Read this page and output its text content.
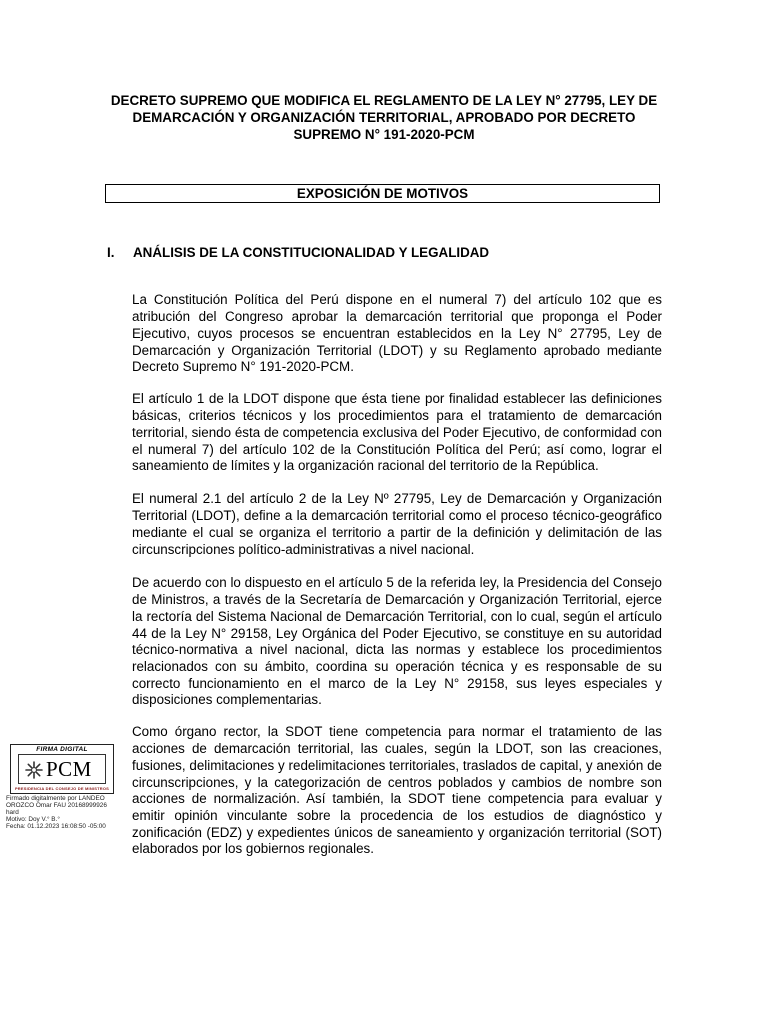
DECRETO SUPREMO QUE MODIFICA EL REGLAMENTO DE LA LEY N° 27795, LEY DE DEMARCACIÓN Y ORGANIZACIÓN TERRITORIAL, APROBADO POR DECRETO SUPREMO N° 191-2020-PCM
EXPOSICIÓN DE MOTIVOS
I. ANÁLISIS DE LA CONSTITUCIONALIDAD Y LEGALIDAD

La Constitución Política del Perú dispone en el numeral 7) del artículo 102 que es atribución del Congreso aprobar la demarcación territorial que proponga el Poder Ejecutivo, cuyos procesos se encuentran establecidos en la Ley N° 27795, Ley de Demarcación y Organización Territorial (LDOT) y su Reglamento aprobado mediante Decreto Supremo N° 191-2020-PCM.

El artículo 1 de la LDOT dispone que ésta tiene por finalidad establecer las definiciones básicas, criterios técnicos y los procedimientos para el tratamiento de demarcación territorial, siendo ésta de competencia exclusiva del Poder Ejecutivo, de conformidad con el numeral 7) del artículo 102 de la Constitución Política del Perú; así como, lograr el saneamiento de límites y la organización racional del territorio de la República.

El numeral 2.1 del artículo 2 de la Ley Nº 27795, Ley de Demarcación y Organización Territorial (LDOT), define a la demarcación territorial como el proceso técnico-geográfico mediante el cual se organiza el territorio a partir de la definición y delimitación de las circunscripciones político-administrativas a nivel nacional.

De acuerdo con lo dispuesto en el artículo 5 de la referida ley, la Presidencia del Consejo de Ministros, a través de la Secretaría de Demarcación y Organización Territorial, ejerce la rectoría del Sistema Nacional de Demarcación Territorial, con lo cual, según el artículo 44 de la Ley N° 29158, Ley Orgánica del Poder Ejecutivo, se constituye en su autoridad técnico-normativa a nivel nacional, dicta las normas y establece los procedimientos relacionados con su ámbito, coordina su operación técnica y es responsable de su correcto funcionamiento en el marco de la Ley N° 29158, sus leyes especiales y disposiciones complementarias.

Como órgano rector, la SDOT tiene competencia para normar el tratamiento de las acciones de demarcación territorial, las cuales, según la LDOT, son las creaciones, fusiones, delimitaciones y redelimitaciones territoriales, traslados de capital, y anexión de circunscripciones, y la categorización de centros poblados y cambios de nombre son acciones de normalización. Así también, la SDOT tiene competencia para evaluar y emitir opinión vinculante sobre la procedencia de los estudios de diagnóstico y zonificación (EDZ) y expedientes únicos de saneamiento y organización territorial (SOT) elaborados por los gobiernos regionales.

FIRMA DIGITAL
PCM
PRESIDENCIA DEL CONSEJO DE MINISTROS
Firmado digitalmente por LANDEO
OROZCO Omar FAU 20168999926
hard
Motivo: Doy V.° B.°
Fecha: 01.12.2023 16:08:50 -05:00
